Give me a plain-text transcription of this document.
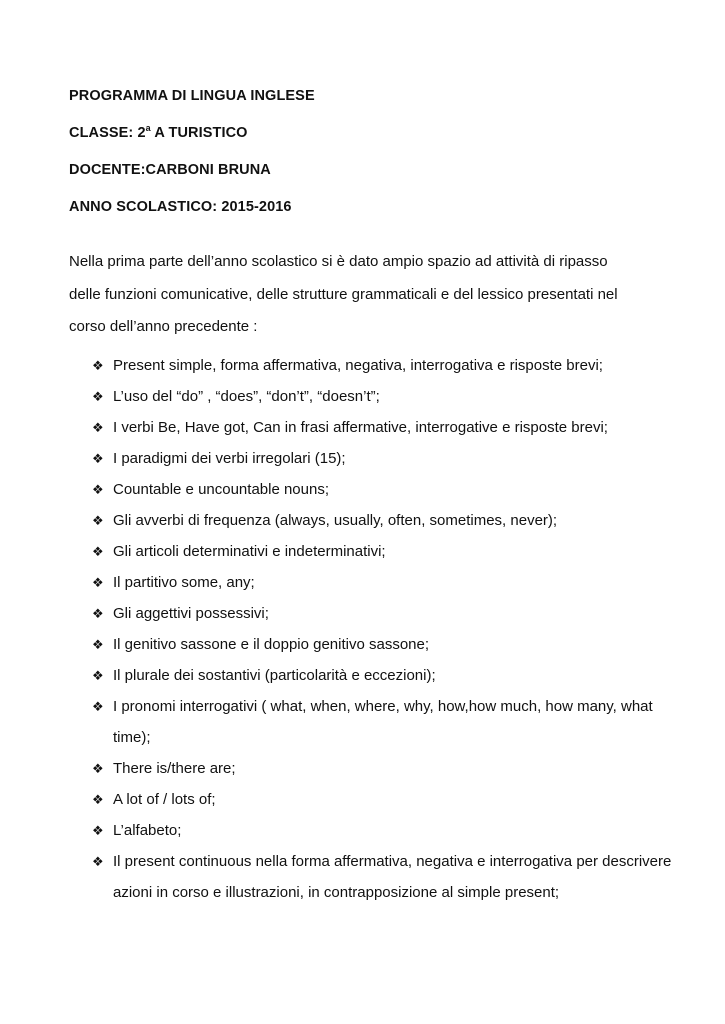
PROGRAMMA DI LINGUA INGLESE
CLASSE: 2$^a$ A TURISTICO
DOCENTE:CARBONI BRUNA
ANNO SCOLASTICO: 2015-2016
Nella prima parte dell’anno scolastico si è dato ampio spazio ad attività di ripasso
delle funzioni comunicative, delle strutture grammaticali e del lessico presentati nel
corso dell’anno precedente :
❖ Present simple, forma affermativa, negativa, interrogativa e risposte brevi;
❖ L’uso del “do” , “does”, “don’t”, “doesn’t”;
❖ I verbi Be, Have got, Can in frasi affermative, interrogative e risposte brevi;
❖ I paradigmi dei verbi irregolari (15);
❖ Countable e uncountable nouns;
❖ Gli avverbi di frequenza (always, usually, often, sometimes, never);
❖ Gli articoli determinativi e indeterminativi;
❖ Il partitivo some, any;
❖ Gli aggettivi possessivi;
❖ Il genitivo sassone e il doppio genitivo sassone;
❖ Il plurale dei sostantivi (particolarità e eccezioni);
❖ I pronomi interrogativi ( what, when, where, why, how,how much, how many, what time);
❖ There is/there are;
❖ A lot of / lots of;
❖ L’alfabeto;
❖ Il present continuous nella forma affermativa, negativa e interrogativa per descrivere azioni in corso e illustrazioni, in contrapposizione al simple present;
